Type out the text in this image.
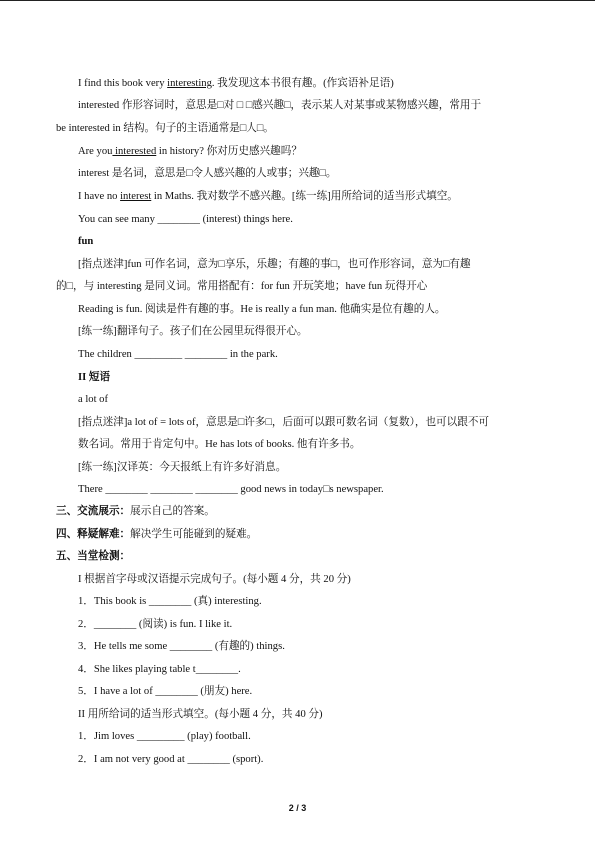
I find this book very interesting. 我发现这本书很有趣。(作宾语补足语)
interested 作形容词时，意思是□对 □ □感兴趣□，表示某人对某事或某物感兴趣，常用于
be interested in 结构。句子的主语通常是□人□。
Are you interested in history? 你对历史感兴趣吗？
interest 是名词，意思是□令人感兴趣的人或事；兴趣□。
I have no interest in Maths. 我对数学不感兴趣。[练一练]用所给词的适当形式填空。
You can see many ________ (interest) things here.
fun
[指点迷津]fun 可作名词，意为□享乐，乐趣；有趣的事□，也可作形容词，意为□有趣
的□，与 interesting 是同义词。常用搭配有：for fun 开玩笑地；have fun 玩得开心
Reading is fun. 阅读是件有趣的事。He is really a fun man. 他确实是位有趣的人。
[练一练]翻译句子。孩子们在公园里玩得很开心。
The children _________ ________ in the park.
II 短语
a lot of
[指点迷津]a lot of = lots of，意思是□许多□，后面可以跟可数名词（复数），也可以跟不可
数名词。常用于肯定句中。He has lots of books. 他有许多书。
[练一练]汉译英：今天报纸上有许多好消息。
There ________ ________ ________ good news in today□s newspaper.
三、交流展示：展示自己的答案。
四、释疑解难：解决学生可能碰到的疑难。
五、当堂检测：
I 根据首字母或汉语提示完成句子。(每小题 4 分，共 20 分)
1．This book is ________ (真) interesting.
2．________ (阅读) is fun. I like it.
3．He tells me some ________ (有趣的) things.
4．She likes playing table t________.
5．I have a lot of ________ (朋友) here.
II 用所给词的适当形式填空。(每小题 4 分，共 40 分)
1．Jim loves _________ (play) football.
2．I am not very good at ________ (sport).
2 / 3
